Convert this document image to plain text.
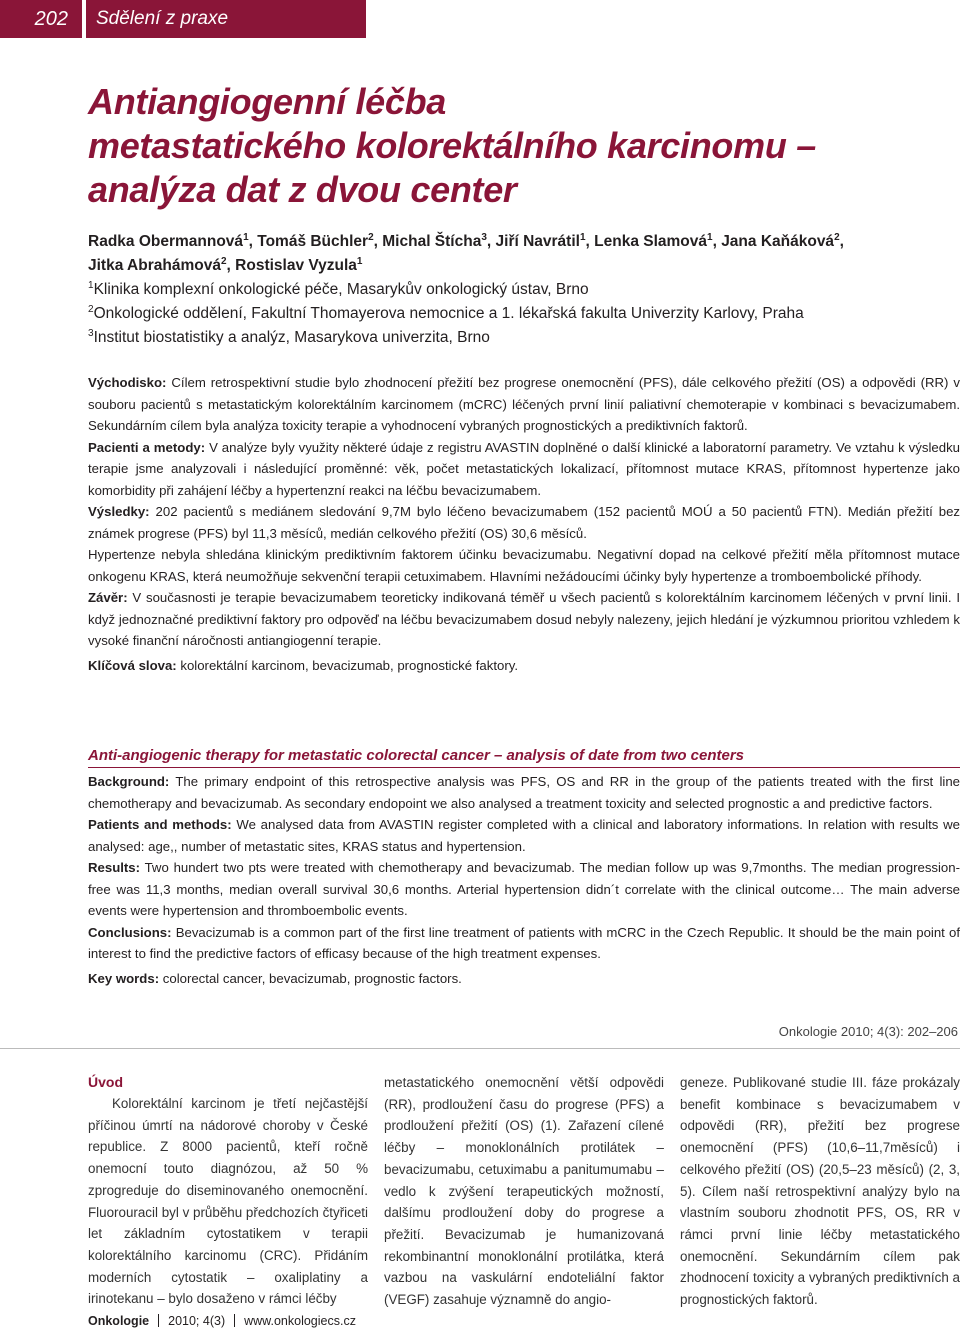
202	Sdělení z praxe
Antiangiogenní léčba
metastatického kolorektálního karcinomu –
analýza dat z dvou center
Radka Obermannová$^1$, Tomáš Büchler$^2$, Michal Štícha$^3$, Jiří Navrátil$^1$, Lenka Slamová$^1$, Jana Kaňáková$^2$,
Jitka Abrahámová$^2$, Rostislav Vyzula$^1$
$^1$Klinika komplexní onkologické péče, Masarykův onkologický ústav, Brno
$^2$Onkologické oddělení, Fakultní Thomayerova nemocnice a 1. lékařská fakulta Univerzity Karlovy, Praha
$^3$Institut biostatistiky a analýz, Masarykova univerzita, Brno

Východisko: Cílem retrospektivní studie bylo zhodnocení přežití bez progrese onemocnění (PFS), dále celkového přežití (OS) a odpovědi (RR) v souboru pacientů s metastatickým kolorektálním karcinomem (mCRC) léčených první linií paliativní chemoterapie v kombinaci s bevacizumabem. Sekundárním cílem byla analýza toxicity terapie a vyhodnocení vybraných prognostických a prediktivních faktorů.

Pacienti a metody: V analýze byly využity některé údaje z registru AVASTIN doplněné o další klinické a laboratorní parametry. Ve vztahu k výsledku terapie jsme analyzovali i následující proměnné: věk, počet metastatických lokalizací, přítomnost mutace KRAS, přítomnost hypertenze jako komorbidity při zahájení léčby a hypertenzní reakci na léčbu bevacizumabem.

Výsledky: 202 pacientů s mediánem sledování 9,7M bylo léčeno bevacizumabem (152 pacientů MOÚ a 50 pacientů FTN). Medián přežití bez známek progrese (PFS) byl 11,3 měsíců, medián celkového přežití (OS) 30,6 měsíců.

Hypertenze nebyla shledána klinickým prediktivním faktorem účinku bevacizumabu. Negativní dopad na celkové přežití měla přítomnost mutace onkogenu KRAS, která neumožňuje sekvenční terapii cetuximabem. Hlavními nežádoucími účinky byly hypertenze a tromboembolické příhody.

Závěr: V současnosti je terapie bevacizumabem teoreticky indikovaná téměř u všech pacientů s kolorektálním karcinomem léčených v první linii. I když jednoznačné prediktivní faktory pro odpověď na léčbu bevacizumabem dosud nebyly nalezeny, jejich hledání je výzkumnou prioritou vzhledem k vysoké finanční náročnosti antiangiogenní terapie.

Klíčová slova: kolorektální karcinom, bevacizumab, prognostické faktory.

Anti-angiogenic therapy for metastatic colorectal cancer – analysis of date from two centers

Background: The primary endpoint of this retrospective analysis was PFS, OS and RR in the group of the patients treated with the first line chemotherapy and bevacizumab. As secondary endopoint we also analysed a treatment toxicity and selected prognostic a and predictive factors.

Patients and methods: We analysed data from AVASTIN register completed with a clinical and laboratory informations. In relation with results we analysed: age,, number of metastatic sites, KRAS status and hypertension.

Results: Two hundert two pts were treated with chemotherapy and bevacizumab. The median follow up was 9,7months. The median progression-free was 11,3 months, median overall survival 30,6 months. Arterial hypertension didn´t correlate with the clinical outcome… The main adverse events were hypertension and thromboembolic events.

Conclusions: Bevacizumab is a common part of the first line treatment of patients with mCRC in the Czech Republic. It should be the main point of interest to find the predictive factors of efficasy because of the high treatment expenses.

Key words: colorectal cancer, bevacizumab, prognostic factors.

Onkologie 2010; 4(3): 202–206
Úvod

Kolorektální karcinom je třetí nejčastější příčinou úmrtí na nádorové choroby v České republice. Z 8000 pacientů, kteří ročně onemocní touto diagnózou, až 50 % zprogreduje do diseminovaného onemocnění. Fluorouracil byl v průběhu předchozích čtyřiceti let základním cytostatikem v terapii kolorektálního karcinomu (CRC). Přidáním moderních cytostatik – oxaliplatiny a irinotekanu – bylo dosaženo v rámci léčby

metastatického onemocnění větší odpovědi (RR), prodloužení času do progrese (PFS) a prodloužení přežití (OS) (1). Zařazení cílené léčby – monoklonálních protilátek – bevacizumabu, cetuximabu a panitumumabu – vedlo k zvýšení terapeutických možností, dalšímu prodloužení doby do progrese a přežití. Bevacizumab je humanizovaná rekombinantní monoklonální protilátka, která vazbou na vaskulární endoteliální faktor (VEGF) zasahuje významně do angio-

geneze. Publikované studie III. fáze prokázaly benefit kombinace s bevacizumabem v odpovědi (RR), přežití bez progrese onemocnění (PFS) (10,6–11,7měsíců) i celkového přežití (OS) (20,5–23 měsíců) (2, 3, 5). Cílem naší retrospektivní analýzy bylo na vlastním souboru zhodnotit PFS, OS, RR v rámci první linie léčby metastatického onemocnění. Sekundárním cílem pak zhodnocení toxicity a vybraných prediktivních a prognostických faktorů.

Onkologie 2010; 4(3) www.onkologiecs.cz
